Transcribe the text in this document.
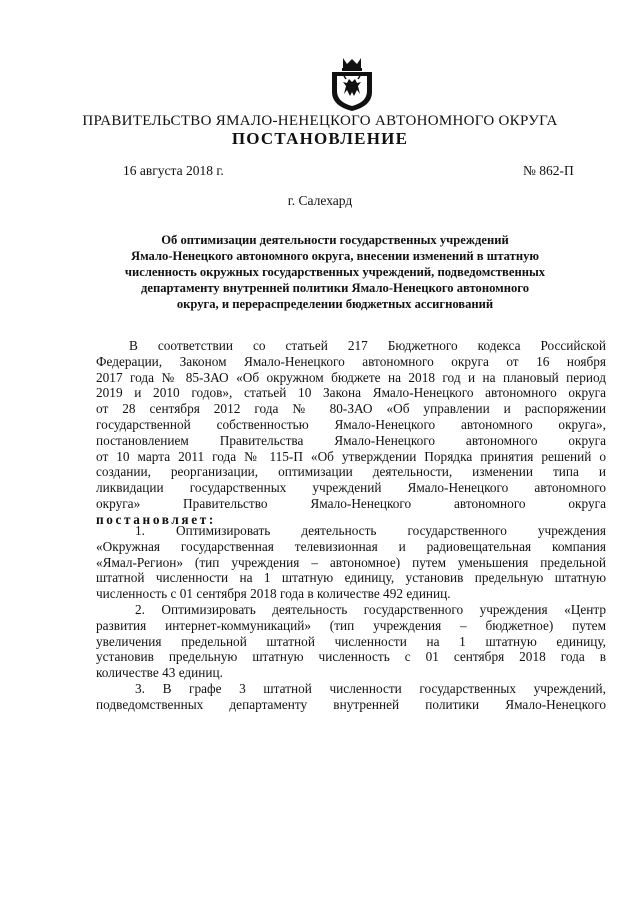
ПРАВИТЕЛЬСТВО ЯМАЛО-НЕНЕЦКОГО АВТОНОМНОГО ОКРУГА
ПОСТАНОВЛЕНИЕ
16 августа 2018 г.	№ 862-П
г. Салехард
Об оптимизации деятельности государственных учреждений
Ямало-Ненецкого автономного округа, внесении изменений в штатную
численность окружных государственных учреждений, подведомственных
департаменту внутренней политики Ямало-Ненецкого автономного
округа, и перераспределении бюджетных ассигнований

В соответствии со статьей 217 Бюджетного кодекса Российской

Федерации, Законом Ямало-Ненецкого автономного округа от 16 ноября

2017 года № 85-ЗАО «Об окружном бюджете на 2018 год и на плановый период

2019 и 2010 годов», статьей 10 Закона Ямало-Ненецкого автономного округа

от 28 сентября 2012 года № 80-ЗАО «Об управлении и распоряжении

государственной собственностью Ямало-Ненецкого автономного округа»,

постановлением Правительства Ямало-Ненецкого автономного округа

от 10 марта 2011 года № 115-П «Об утверждении Порядка принятия решений о

создании, реорганизации, оптимизации деятельности, изменении типа и

ликвидации государственных учреждений Ямало-Ненецкого автономного

округа» Правительство Ямало-Ненецкого автономного округа

постановляет:

1. Оптимизировать деятельность государственного учреждения

«Окружная государственная телевизионная и радиовещательная компания

«Ямал-Регион» (тип учреждения – автономное) путем уменьшения предельной

штатной численности на 1 штатную единицу, установив предельную штатную

численность с 01 сентября 2018 года в количестве 492 единиц.

2. Оптимизировать деятельность государственного учреждения «Центр

развития интернет-коммуникаций» (тип учреждения – бюджетное) путем

увеличения предельной штатной численности на 1 штатную единицу,

установив предельную штатную численность с 01 сентября 2018 года в

количестве 43 единиц.

3. В графе 3 штатной численности государственных учреждений,

подведомственных департаменту внутренней политики Ямало-Ненецкого
